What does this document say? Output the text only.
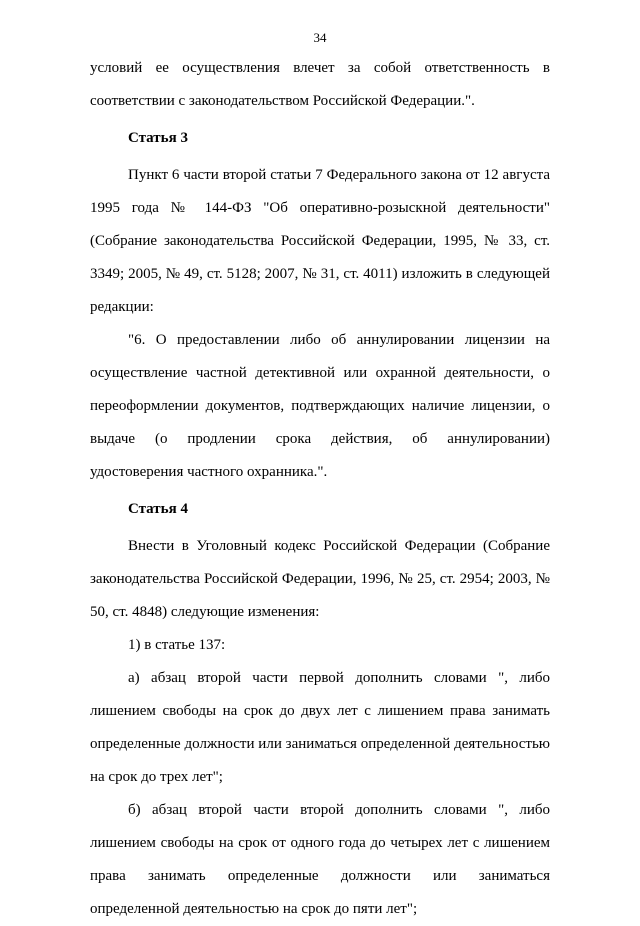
34

условий ее осуществления влечет за собой ответственность в соответствии с законодательством Российской Федерации.".

Статья 3

Пункт 6 части второй статьи 7 Федерального закона от 12 августа 1995 года № 144-ФЗ "Об оперативно-розыскной деятельности" (Собрание законодательства Российской Федерации, 1995, № 33, ст. 3349; 2005, № 49, ст. 5128; 2007, № 31, ст. 4011) изложить в следующей редакции:

"6. О предоставлении либо об аннулировании лицензии на осуществление частной детективной или охранной деятельности, о переоформлении документов, подтверждающих наличие лицензии, о выдаче (о продлении срока действия, об аннулировании) удостоверения частного охранника.".

Статья 4

Внести в Уголовный кодекс Российской Федерации (Собрание законодательства Российской Федерации, 1996, № 25, ст. 2954; 2003, № 50, ст. 4848) следующие изменения:

1) в статье 137:

а) абзац второй части первой дополнить словами ", либо лишением свободы на срок до двух лет с лишением права занимать определенные должности или заниматься определенной деятельностью на срок до трех лет";

б) абзац второй части второй дополнить словами ", либо лишением свободы на срок от одного года до четырех лет с лишением права занимать определенные должности или заниматься определенной деятельностью на срок до пяти лет";
